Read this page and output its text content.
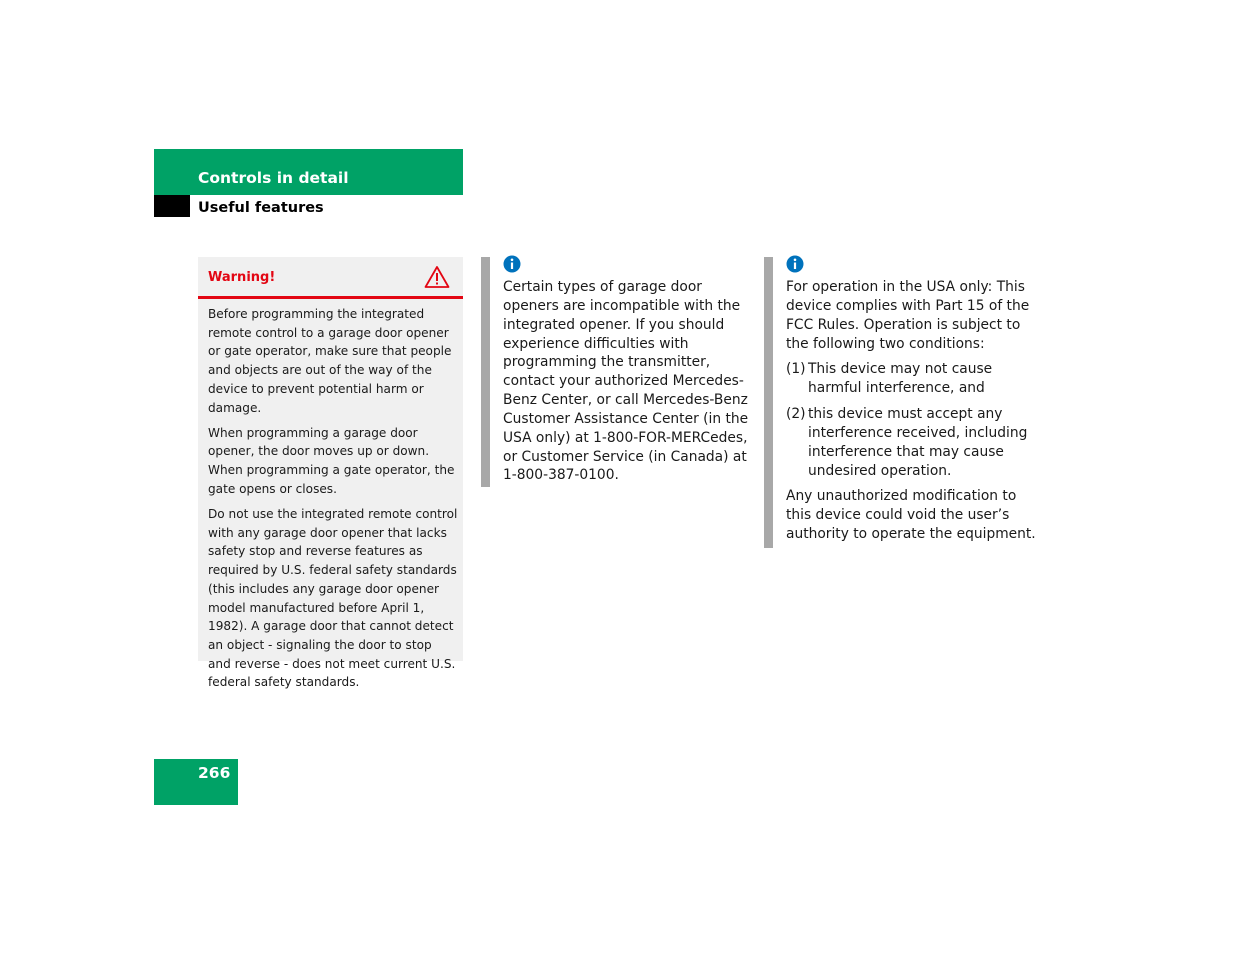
Controls in detail
Useful features
Warning!

Before programming the integrated remote control to a garage door opener or gate operator, make sure that people and objects are out of the way of the device to prevent potential harm or damage.

When programming a garage door opener, the door moves up or down. When programming a gate operator, the gate opens or closes.

Do not use the integrated remote control with any garage door opener that lacks safety stop and reverse features as required by U.S. federal safety standards (this includes any garage door opener model manufactured before April 1, 1982). A garage door that cannot detect an object - signaling the door to stop and reverse - does not meet current U.S. federal safety standards.

Certain types of garage door openers are incompatible with the integrated opener. If you should experience difficulties with programming the transmitter, contact your authorized Mercedes-Benz Center, or call Mercedes-Benz Customer Assistance Center (in the USA only) at 1-800-FOR-MERCedes, or Customer Service (in Canada) at 1-800-387-0100.

For operation in the USA only: This device complies with Part 15 of the FCC Rules. Operation is subject to the following two conditions:

(1) This device may not cause harmful interference, and
(2) this device must accept any interference received, including interference that may cause undesired operation.

Any unauthorized modification to this device could void the user’s authority to operate the equipment.

266
